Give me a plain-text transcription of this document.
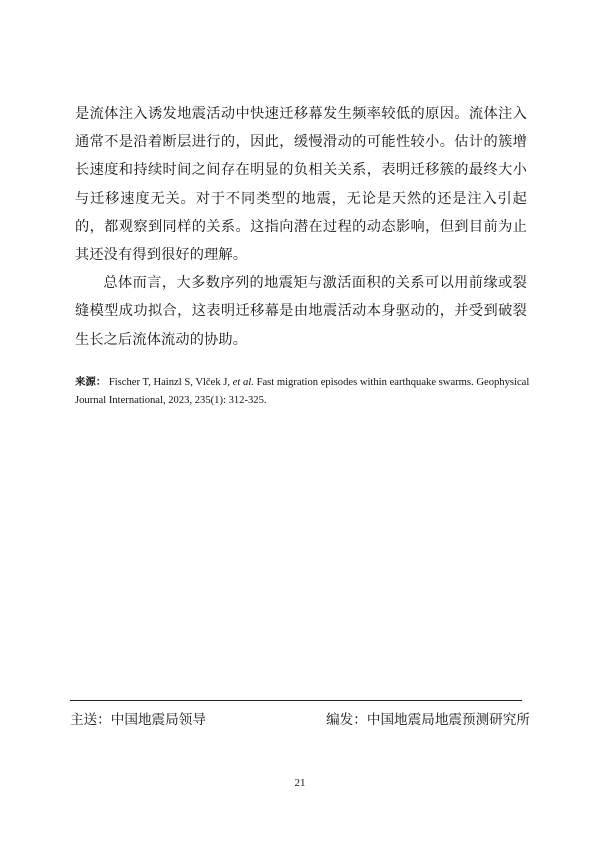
是流体注入诱发地震活动中快速迁移幕发生频率较低的原因。流体注入通常不是沿着断层进行的，因此，缓慢滑动的可能性较小。估计的簇增长速度和持续时间之间存在明显的负相关关系，表明迁移簇的最终大小与迁移速度无关。对于不同类型的地震，无论是天然的还是注入引起的，都观察到同样的关系。这指向潜在过程的动态影响，但到目前为止其还没有得到很好的理解。

总体而言，大多数序列的地震矩与激活面积的关系可以用前缘或裂缝模型成功拟合，这表明迁移幕是由地震活动本身驱动的，并受到破裂生长之后流体流动的协助。

来源： Fischer T, Hainzl S, Vlček J, et al. Fast migration episodes within earthquake swarms. Geophysical Journal International, 2023, 235(1): 312-325.
主送：中国地震局领导	编发：中国地震局地震预测研究所
21
